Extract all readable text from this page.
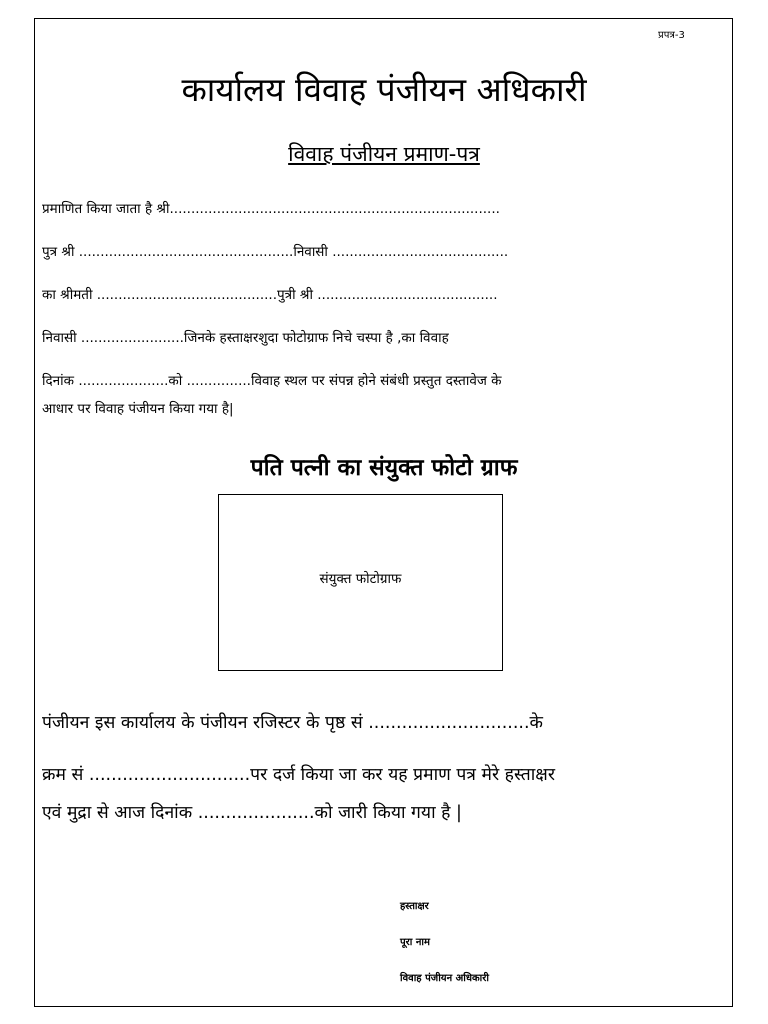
प्रपत्र-3
कार्यालय विवाह पंजीयन अधिकारी
विवाह पंजीयन प्रमाण-पत्र
प्रमाणित किया जाता है श्री.............................................................................
पुत्र श्री ..................................................निवासी .........................................
का श्रीमती ..........................................पुत्री श्री ..........................................
निवासी ........................जिनके हस्ताक्षरशुदा फोटोग्राफ निचे चस्पा है ,का विवाह
दिनांक .....................को ...............विवाह स्थल पर संपन्न होने संबंधी प्रस्तुत दस्तावेज के
आधार पर विवाह पंजीयन किया गया है|
पति पत्नी का संयुक्त फोटो ग्राफ
संयुक्त फोटोग्राफ
पंजीयन इस कार्यालय के पंजीयन रजिस्टर के पृष्ठ सं .............................के
क्रम सं .............................पर दर्ज किया जा कर यह प्रमाण पत्र मेरे हस्ताक्षर
एवं मुद्रा से आज दिनांक .....................को जारी किया गया है |
हस्ताक्षर
पूरा नाम
विवाह पंजीयन अधिकारी
